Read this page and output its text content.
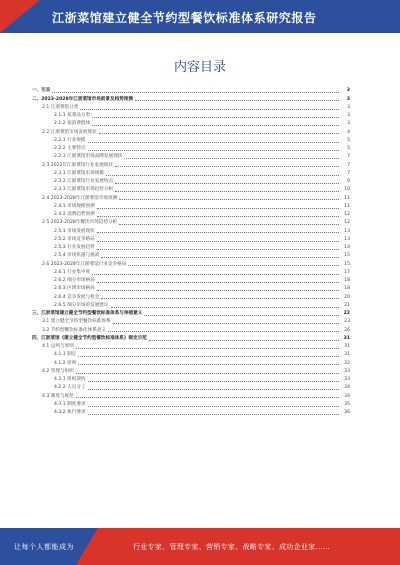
江浙菜馆建立健全节约型餐饮标准体系研究报告
内容目录
一、引言	3
二、2023-2028年江浙菜馆市场前景及趋势预测	3
2.1 江浙菜馆分类	3
2.1.1 按菜品分类	3
2.1.2 按消费群体	3
2.2 江浙菜馆市场发展现状	4
2.2.1 行业规模	5
2.2.2 主要特点	5
2.2.3 江浙菜馆市场品牌发展现状	7
2.3 2022年江浙菜馆行业发展现状	7
2.3.1 江浙菜馆市场规模	7
2.3.2 江浙菜馆行业发展特点	9
2.3.3 江浙菜馆市场趋势分析	10
2.4 2023-2028年江浙菜馆市场预测	11
2.4.1 市场规模预测	11
2.4.2 消费趋势预测	12
2.5 2023-2028年餐饮市场趋势分析	12
2.5.1 市场发展现状	13
2.5.2 市场竞争格局	13
2.5.3 行业发展趋势	14
2.5.4 市场机遇与挑战	15
2.6 2023-2028年江浙菜馆行业竞争格局	15
2.6.1 行业集中度	17
2.6.2 细分市场格局	18
2.6.3 区域市场格局	18
2.6.4 竞争发展与机会	20
2.6.5 细分市场的发展建议	21
三、江浙菜馆建立健全节约型餐饮标准体系与举措意义	22
3.1 建立健全节约型餐饮标准体系	23
3.2 节约型餐饮标准化体系意义	26
四、江浙菜馆《建立健全节约型餐饮标准体系》制定示范	31
4.1 总则与原则	31
4.1.1 制定	31
4.1.2 原则	32
4.2 管理与组织	33
4.2.1 组织架构	33
4.2.2 人员分工	34
4.3 制度与规范	34
4.3.1 制度要求	35
4.3.2 执行要求	36
让每个人都能成为	行业专家、管理专家、营销专家、战略专家、成功企业家……
